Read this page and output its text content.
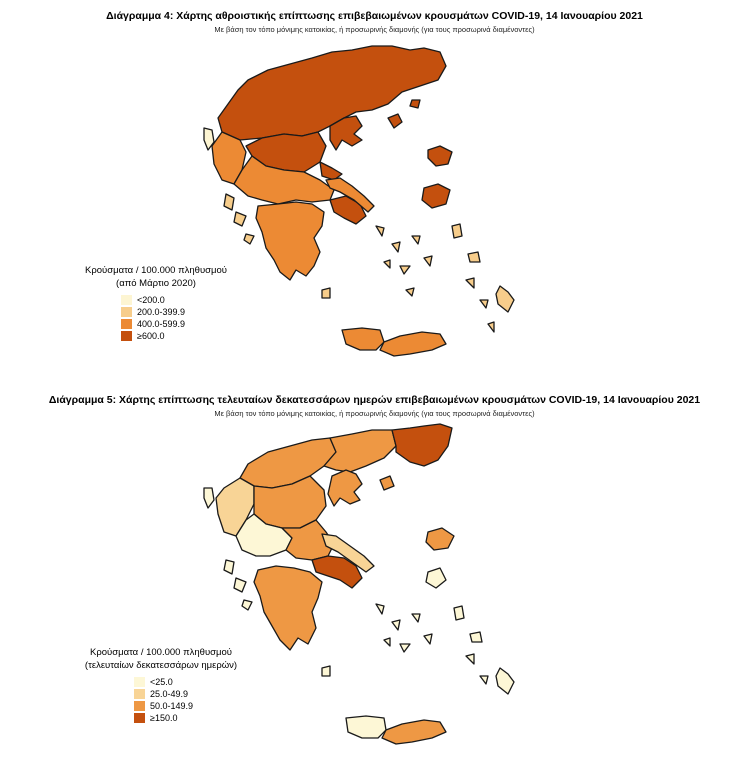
Διάγραμμα 4: Χάρτης αθροιστικής επίπτωσης επιβεβαιωμένων κρουσμάτων COVID-19, 14 Ιανουαρίου 2021
Με βάση τον τόπο μόνιμης κατοικίας, ή προσωρινής διαμονής (για τους προσωρινά διαμένοντες)
Κρούσματα / 100.000 πληθυσμού
(από Μάρτιο 2020)
<200.0
200.0-399.9
400.0-599.9
≥600.0
Διάγραμμα 5: Χάρτης επίπτωσης τελευταίων δεκατεσσάρων ημερών επιβεβαιωμένων κρουσμάτων COVID-19, 14 Ιανουαρίου 2021
Με βάση τον τόπο μόνιμης κατοικίας, ή προσωρινής διαμονής (για τους προσωρινά διαμένοντες)
Κρούσματα / 100.000 πληθυσμού
(τελευταίων δεκατεσσάρων ημερών)
<25.0
25.0-49.9
50.0-149.9
≥150.0
